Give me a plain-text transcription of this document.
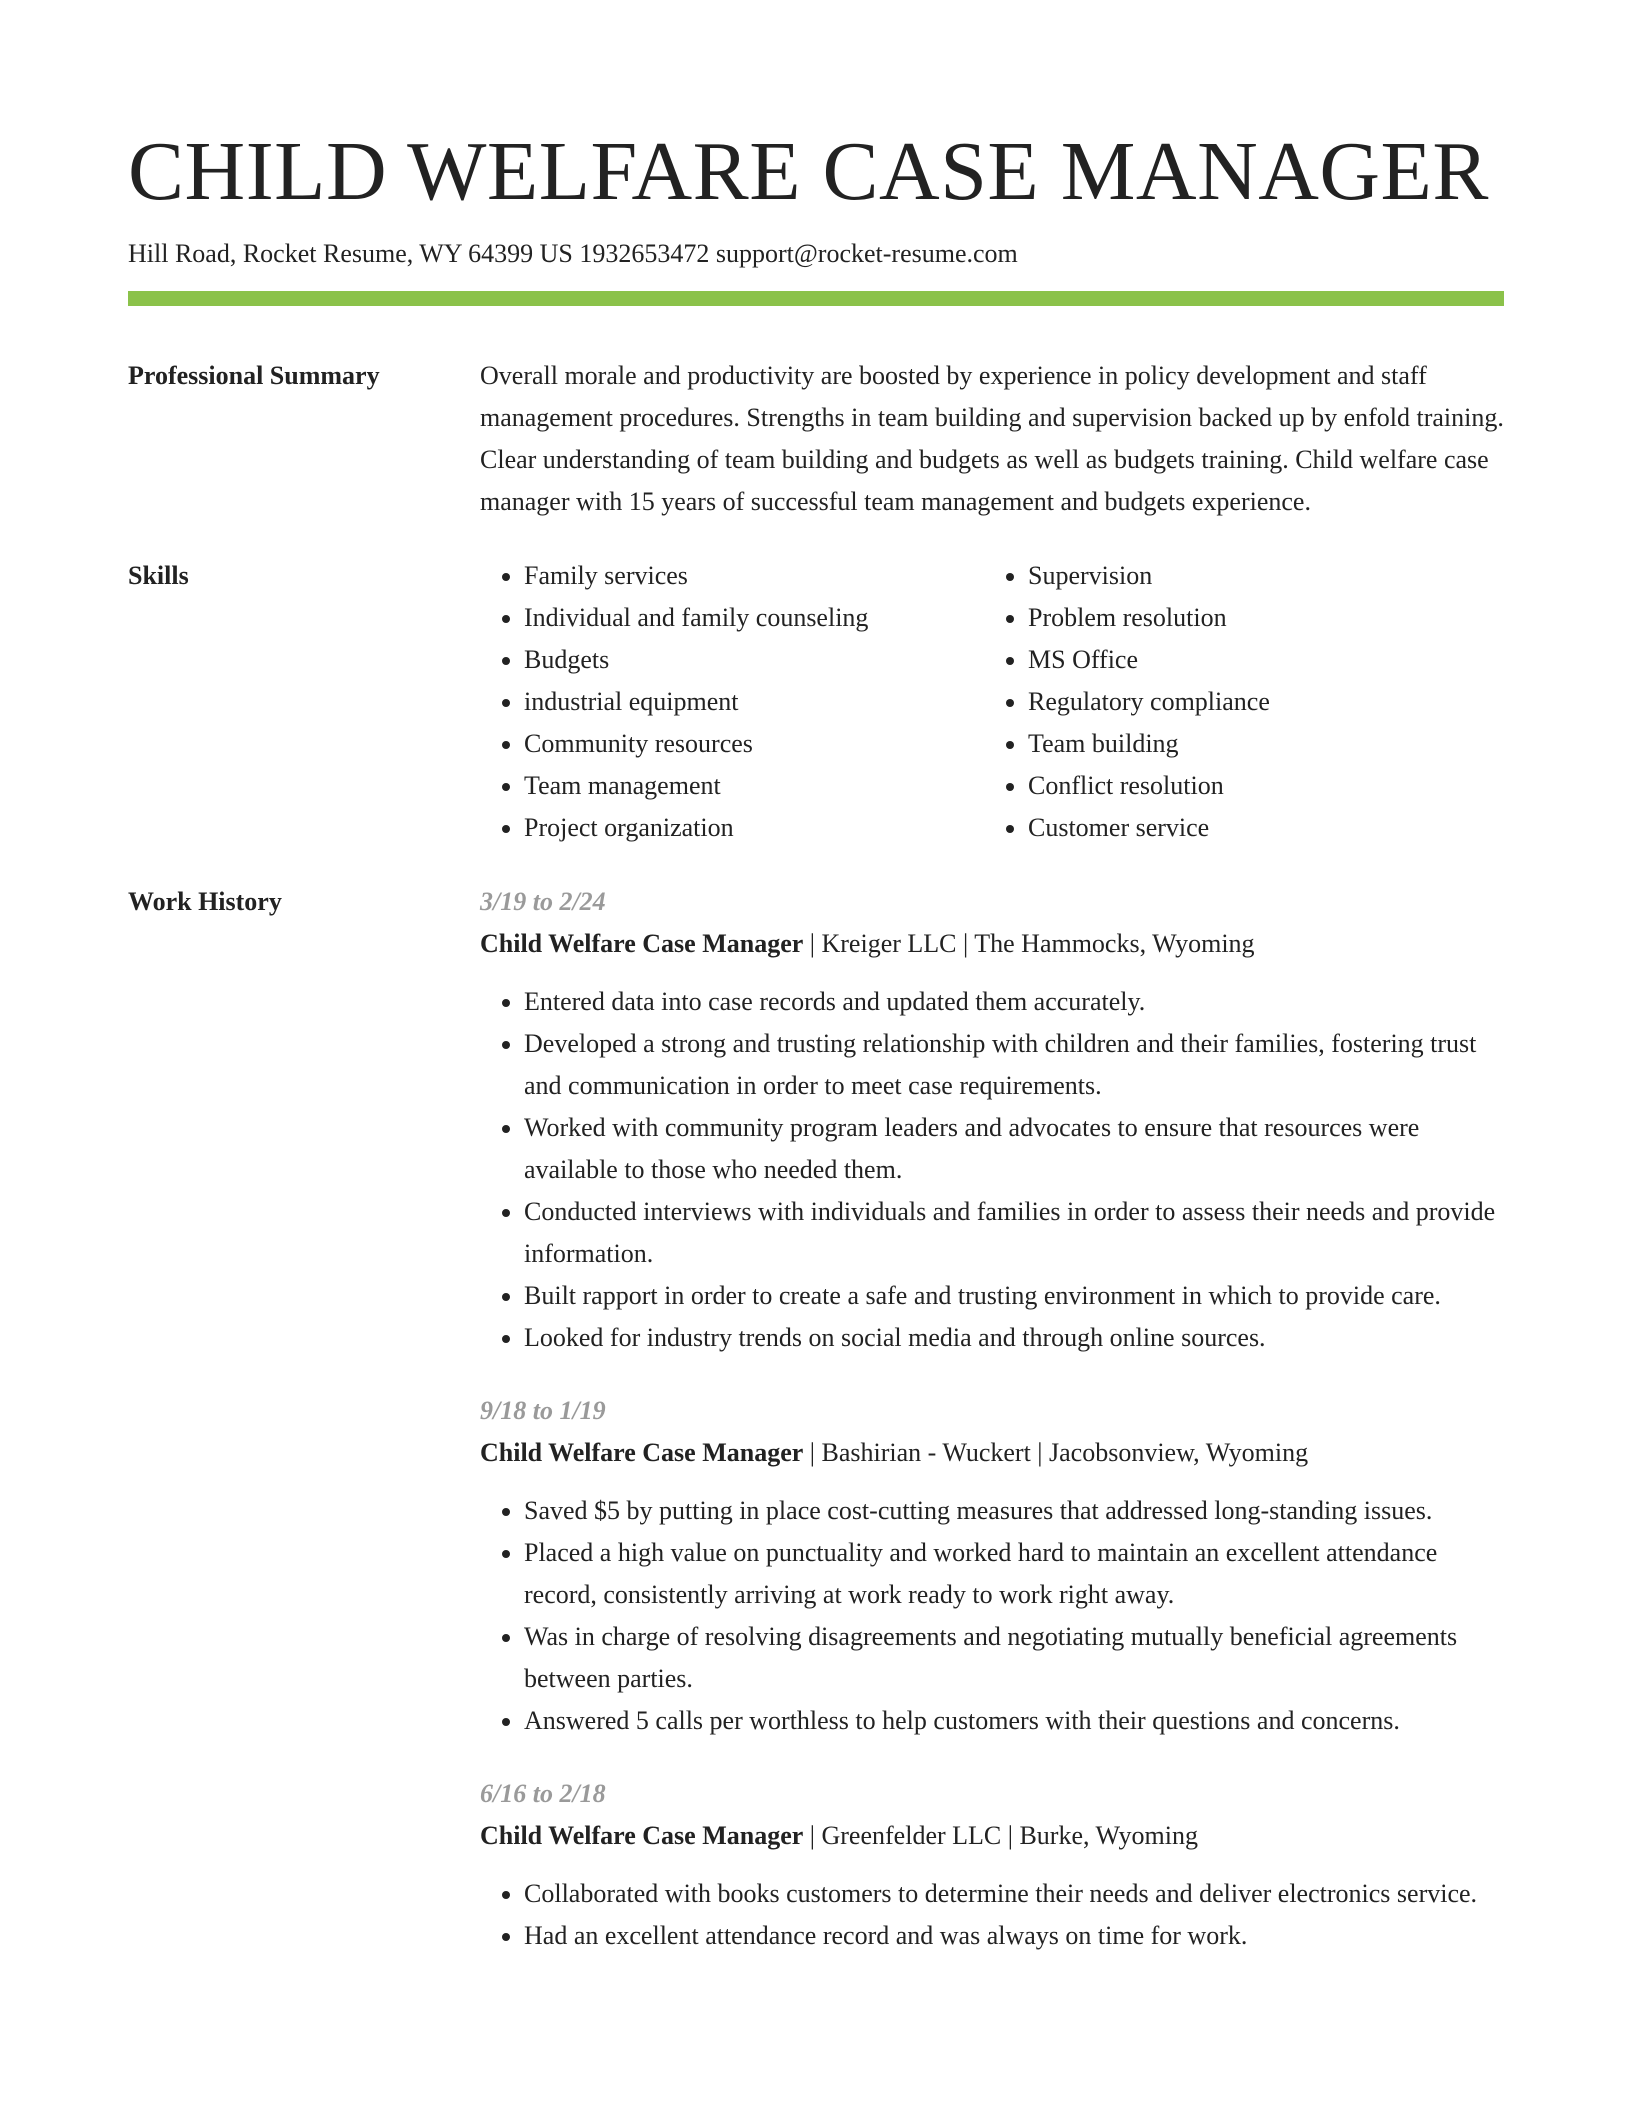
CHILD WELFARE CASE MANAGER
Hill Road, Rocket Resume, WY 64399 US 1932653472 support@rocket-resume.com
Professional Summary	Overall morale and productivity are boosted by experience in policy development and staff management procedures. Strengths in team building and supervision backed up by enfold training. Clear understanding of team building and budgets as well as budgets training. Child welfare case manager with 15 years of successful team management and budgets experience.
Skills
•	Family services
• Individual and family counseling
• Budgets
• industrial equipment
• Community resources
• Team management
• Project organization
• Supervision
• Problem resolution
• MS Office
• Regulatory compliance
• Team building
• Conflict resolution
• Customer service
Work History	3/19 to 2/24
Child Welfare Case Manager | Kreiger LLC | The Hammocks, Wyoming
• Entered data into case records and updated them accurately.
• Developed a strong and trusting relationship with children and their families, fostering trust and communication in order to meet case requirements.
• Worked with community program leaders and advocates to ensure that resources were available to those who needed them.
• Conducted interviews with individuals and families in order to assess their needs and provide information.
• Built rapport in order to create a safe and trusting environment in which to provide care.
• Looked for industry trends on social media and through online sources.
9/18 to 1/19
Child Welfare Case Manager | Bashirian - Wuckert | Jacobsonview, Wyoming
• Saved $5 by putting in place cost-cutting measures that addressed long-standing issues.
• Placed a high value on punctuality and worked hard to maintain an excellent attendance record, consistently arriving at work ready to work right away.
• Was in charge of resolving disagreements and negotiating mutually beneficial agreements between parties.
• Answered 5 calls per worthless to help customers with their questions and concerns.
6/16 to 2/18
Child Welfare Case Manager | Greenfelder LLC | Burke, Wyoming
• Collaborated with books customers to determine their needs and deliver electronics service.
• Had an excellent attendance record and was always on time for work.
